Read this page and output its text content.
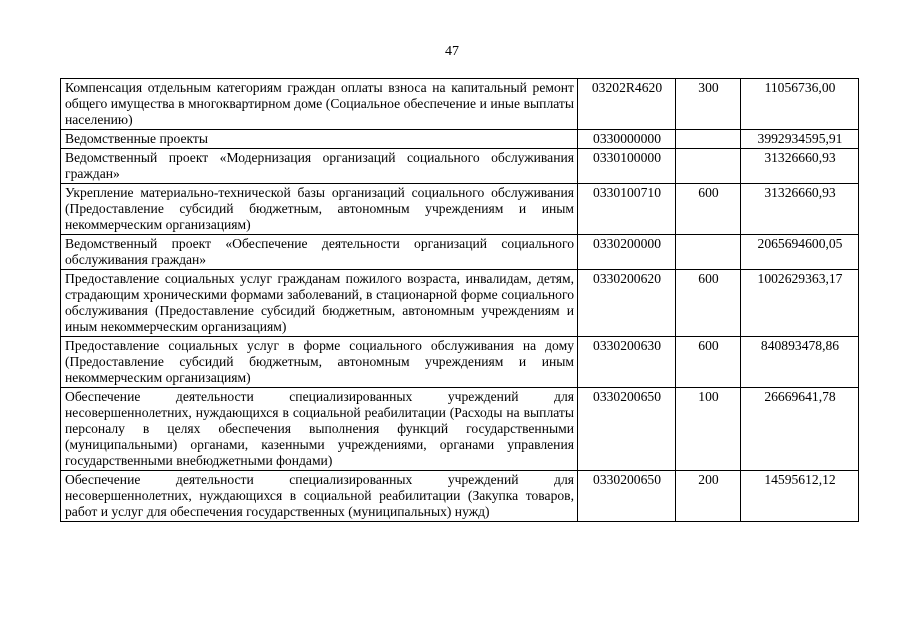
47
Компенсация отдельным категориям граждан оплаты взноса на капитальный ремонт общего имущества в многоквартирном доме (Социальное обеспечение и иные выплаты населению)	03202R4620	300	11056736,00
Ведомственные проекты	0330000000		3992934595,91
Ведомственный проект «Модернизация организаций социального обслуживания граждан»	0330100000		31326660,93
Укрепление материально-технической базы организаций социального обслуживания (Предоставление субсидий бюджетным, автономным учреждениям и иным некоммерческим организациям)	0330100710	600	31326660,93
Ведомственный проект «Обеспечение деятельности организаций социального обслуживания граждан»	0330200000		2065694600,05
Предоставление социальных услуг гражданам пожилого возраста, инвалидам, детям, страдающим хроническими формами заболеваний, в стационарной форме социального обслуживания (Предоставление субсидий бюджетным, автономным учреждениям и иным некоммерческим организациям)	0330200620	600	1002629363,17
Предоставление социальных услуг в форме социального обслуживания на дому (Предоставление субсидий бюджетным, автономным учреждениям и иным некоммерческим организациям)	0330200630	600	840893478,86
Обеспечение деятельности специализированных учреждений для несовершеннолетних, нуждающихся в социальной реабилитации (Расходы на выплаты персоналу в целях обеспечения выполнения функций государственными (муниципальными) органами, казенными учреждениями, органами управления государственными внебюджетными фондами)	0330200650	100	26669641,78
Обеспечение деятельности специализированных учреждений для несовершеннолетних, нуждающихся в социальной реабилитации (Закупка товаров, работ и услуг для обеспечения государственных (муниципальных) нужд)	0330200650	200	14595612,12
